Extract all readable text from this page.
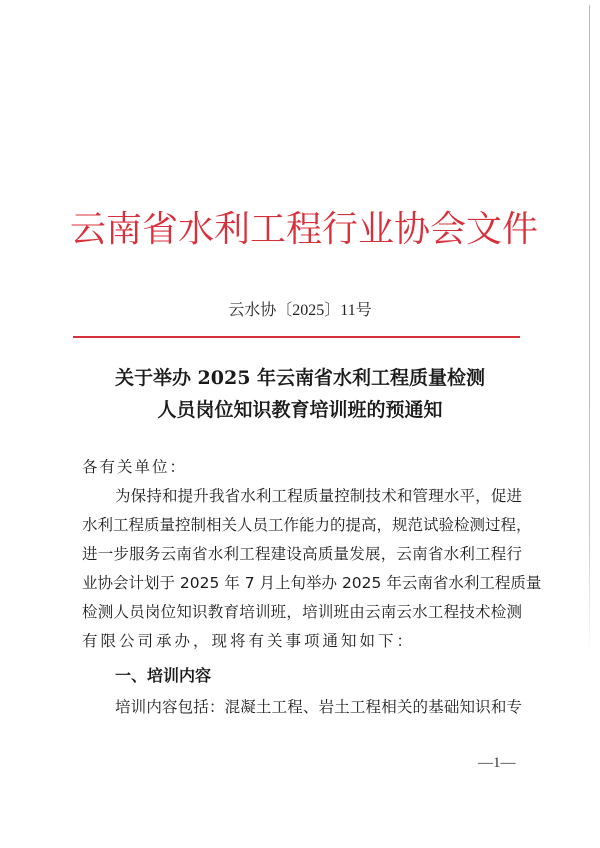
云南省水利工程行业协会文件
云水协〔2025〕11号
关于举办 2025 年云南省水利工程质量检测
人员岗位知识教育培训班的预通知
各有关单位：
为保持和提升我省水利工程质量控制技术和管理水平，促进
水利工程质量控制相关人员工作能力的提高，规范试验检测过程，
进一步服务云南省水利工程建设高质量发展，云南省水利工程行
业协会计划于 2025 年 7 月上旬举办 2025 年云南省水利工程质量
检测人员岗位知识教育培训班，培训班由云南云水工程技术检测
有限公司承办，现将有关事项通知如下：
一、培训内容
培训内容包括：混凝土工程、岩土工程相关的基础知识和专
—1—
